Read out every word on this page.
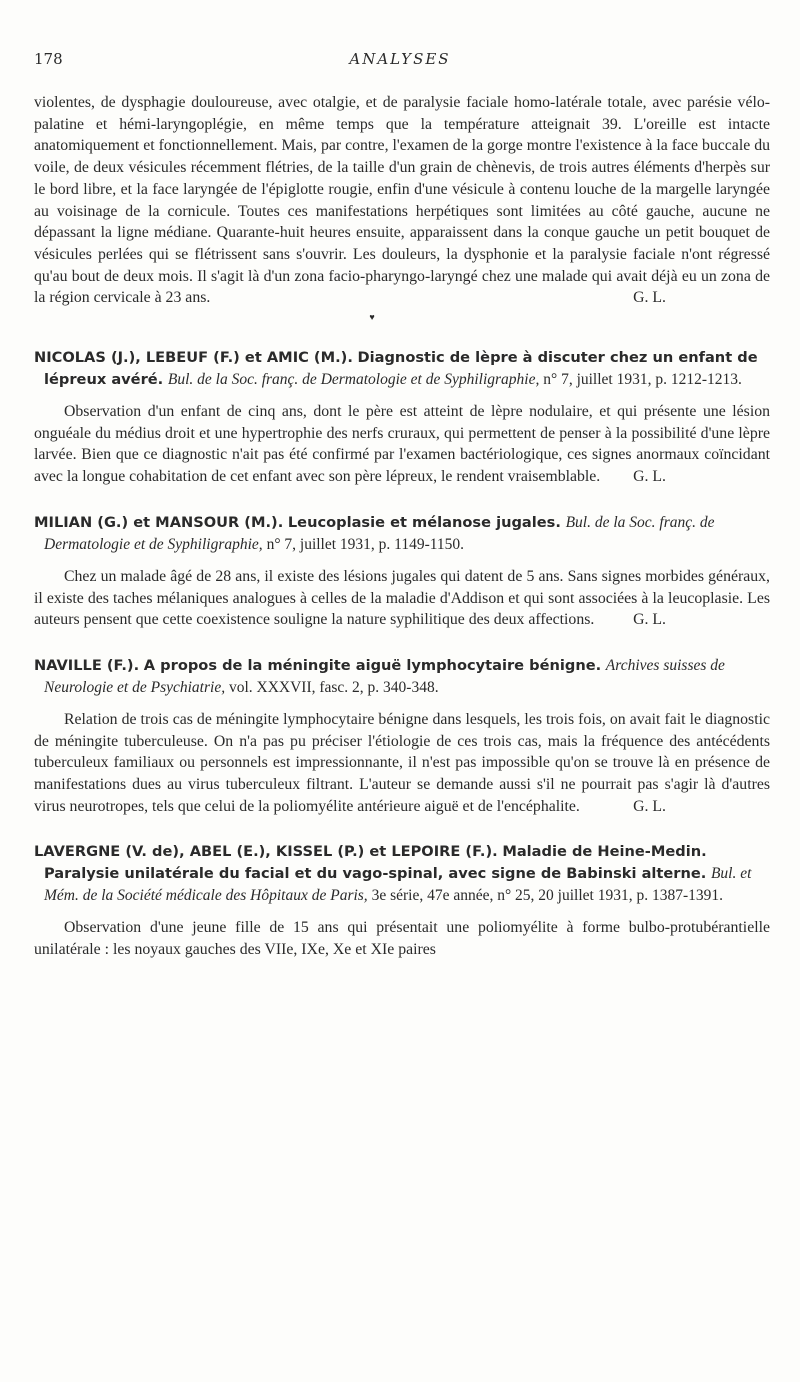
178	ANALYSES

violentes, de dysphagie douloureuse, avec otalgie, et de paralysie faciale homo-latérale totale, avec parésie vélo-palatine et hémi-laryngoplégie, en même temps que la température atteignait 39. L'oreille est intacte anatomiquement et fonctionnellement. Mais, par contre, l'examen de la gorge montre l'existence à la face buccale du voile, de deux vésicules récemment flétries, de la taille d'un grain de chènevis, de trois autres éléments d'herpès sur le bord libre, et la face laryngée de l'épiglotte rougie, enfin d'une vésicule à contenu louche de la margelle laryngée au voisinage de la cornicule. Toutes ces manifestations herpétiques sont limitées au côté gauche, aucune ne dépassant la ligne médiane. Quarante-huit heures ensuite, apparaissent dans la conque gauche un petit bouquet de vésicules perlées qui se flétrissent sans s'ouvrir. Les douleurs, la dysphonie et la paralysie faciale n'ont régressé qu'au bout de deux mois. Il s'agit là d'un zona facio-pharyngo-laryngé chez une malade qui avait déjà eu un zona de la région cervicale à 23 ans.	G. L.

♥
NICOLAS (J.), LEBEUF (F.) et AMIC (M.). Diagnostic de lèpre à discuter chez un enfant de lépreux avéré. Bul. de la Soc. franç. de Dermatologie et de Syphiligraphie, n° 7, juillet 1931, p. 1212-1213.

Observation d'un enfant de cinq ans, dont le père est atteint de lèpre nodulaire, et qui présente une lésion onguéale du médius droit et une hypertrophie des nerfs cruraux, qui permettent de penser à la possibilité d'une lèpre larvée. Bien que ce diagnostic n'ait pas été confirmé par l'examen bactériologique, ces signes anormaux coïncidant avec la longue cohabitation de cet enfant avec son père lépreux, le rendent vraisemblable.	G. L.

MILIAN (G.) et MANSOUR (M.). Leucoplasie et mélanose jugales. Bul. de la Soc. franç. de Dermatologie et de Syphiligraphie, n° 7, juillet 1931, p. 1149-1150.

Chez un malade âgé de 28 ans, il existe des lésions jugales qui datent de 5 ans. Sans signes morbides généraux, il existe des taches mélaniques analogues à celles de la maladie d'Addison et qui sont associées à la leucoplasie. Les auteurs pensent que cette coexistence souligne la nature syphilitique des deux affections.	G. L.

NAVILLE (F.). A propos de la méningite aiguë lymphocytaire bénigne. Archives suisses de Neurologie et de Psychiatrie, vol. XXXVII, fasc. 2, p. 340-348.

Relation de trois cas de méningite lymphocytaire bénigne dans lesquels, les trois fois, on avait fait le diagnostic de méningite tuberculeuse. On n'a pas pu préciser l'étiologie de ces trois cas, mais la fréquence des antécédents tuberculeux familiaux ou personnels est impressionnante, il n'est pas impossible qu'on se trouve là en présence de manifestations dues au virus tuberculeux filtrant. L'auteur se demande aussi s'il ne pourrait pas s'agir là d'autres virus neurotropes, tels que celui de la poliomyélite antérieure aiguë et de l'encéphalite.	G. L.

LAVERGNE (V. de), ABEL (E.), KISSEL (P.) et LEPOIRE (F.). Maladie de Heine-Medin. Paralysie unilatérale du facial et du vago-spinal, avec signe de Babinski alterne. Bul. et Mém. de la Société médicale des Hôpitaux de Paris, 3e série, 47e année, n° 25, 20 juillet 1931, p. 1387-1391.

Observation d'une jeune fille de 15 ans qui présentait une poliomyélite à forme bulbo-protubérantielle unilatérale : les noyaux gauches des VIIe, IXe, Xe et XIe paires
